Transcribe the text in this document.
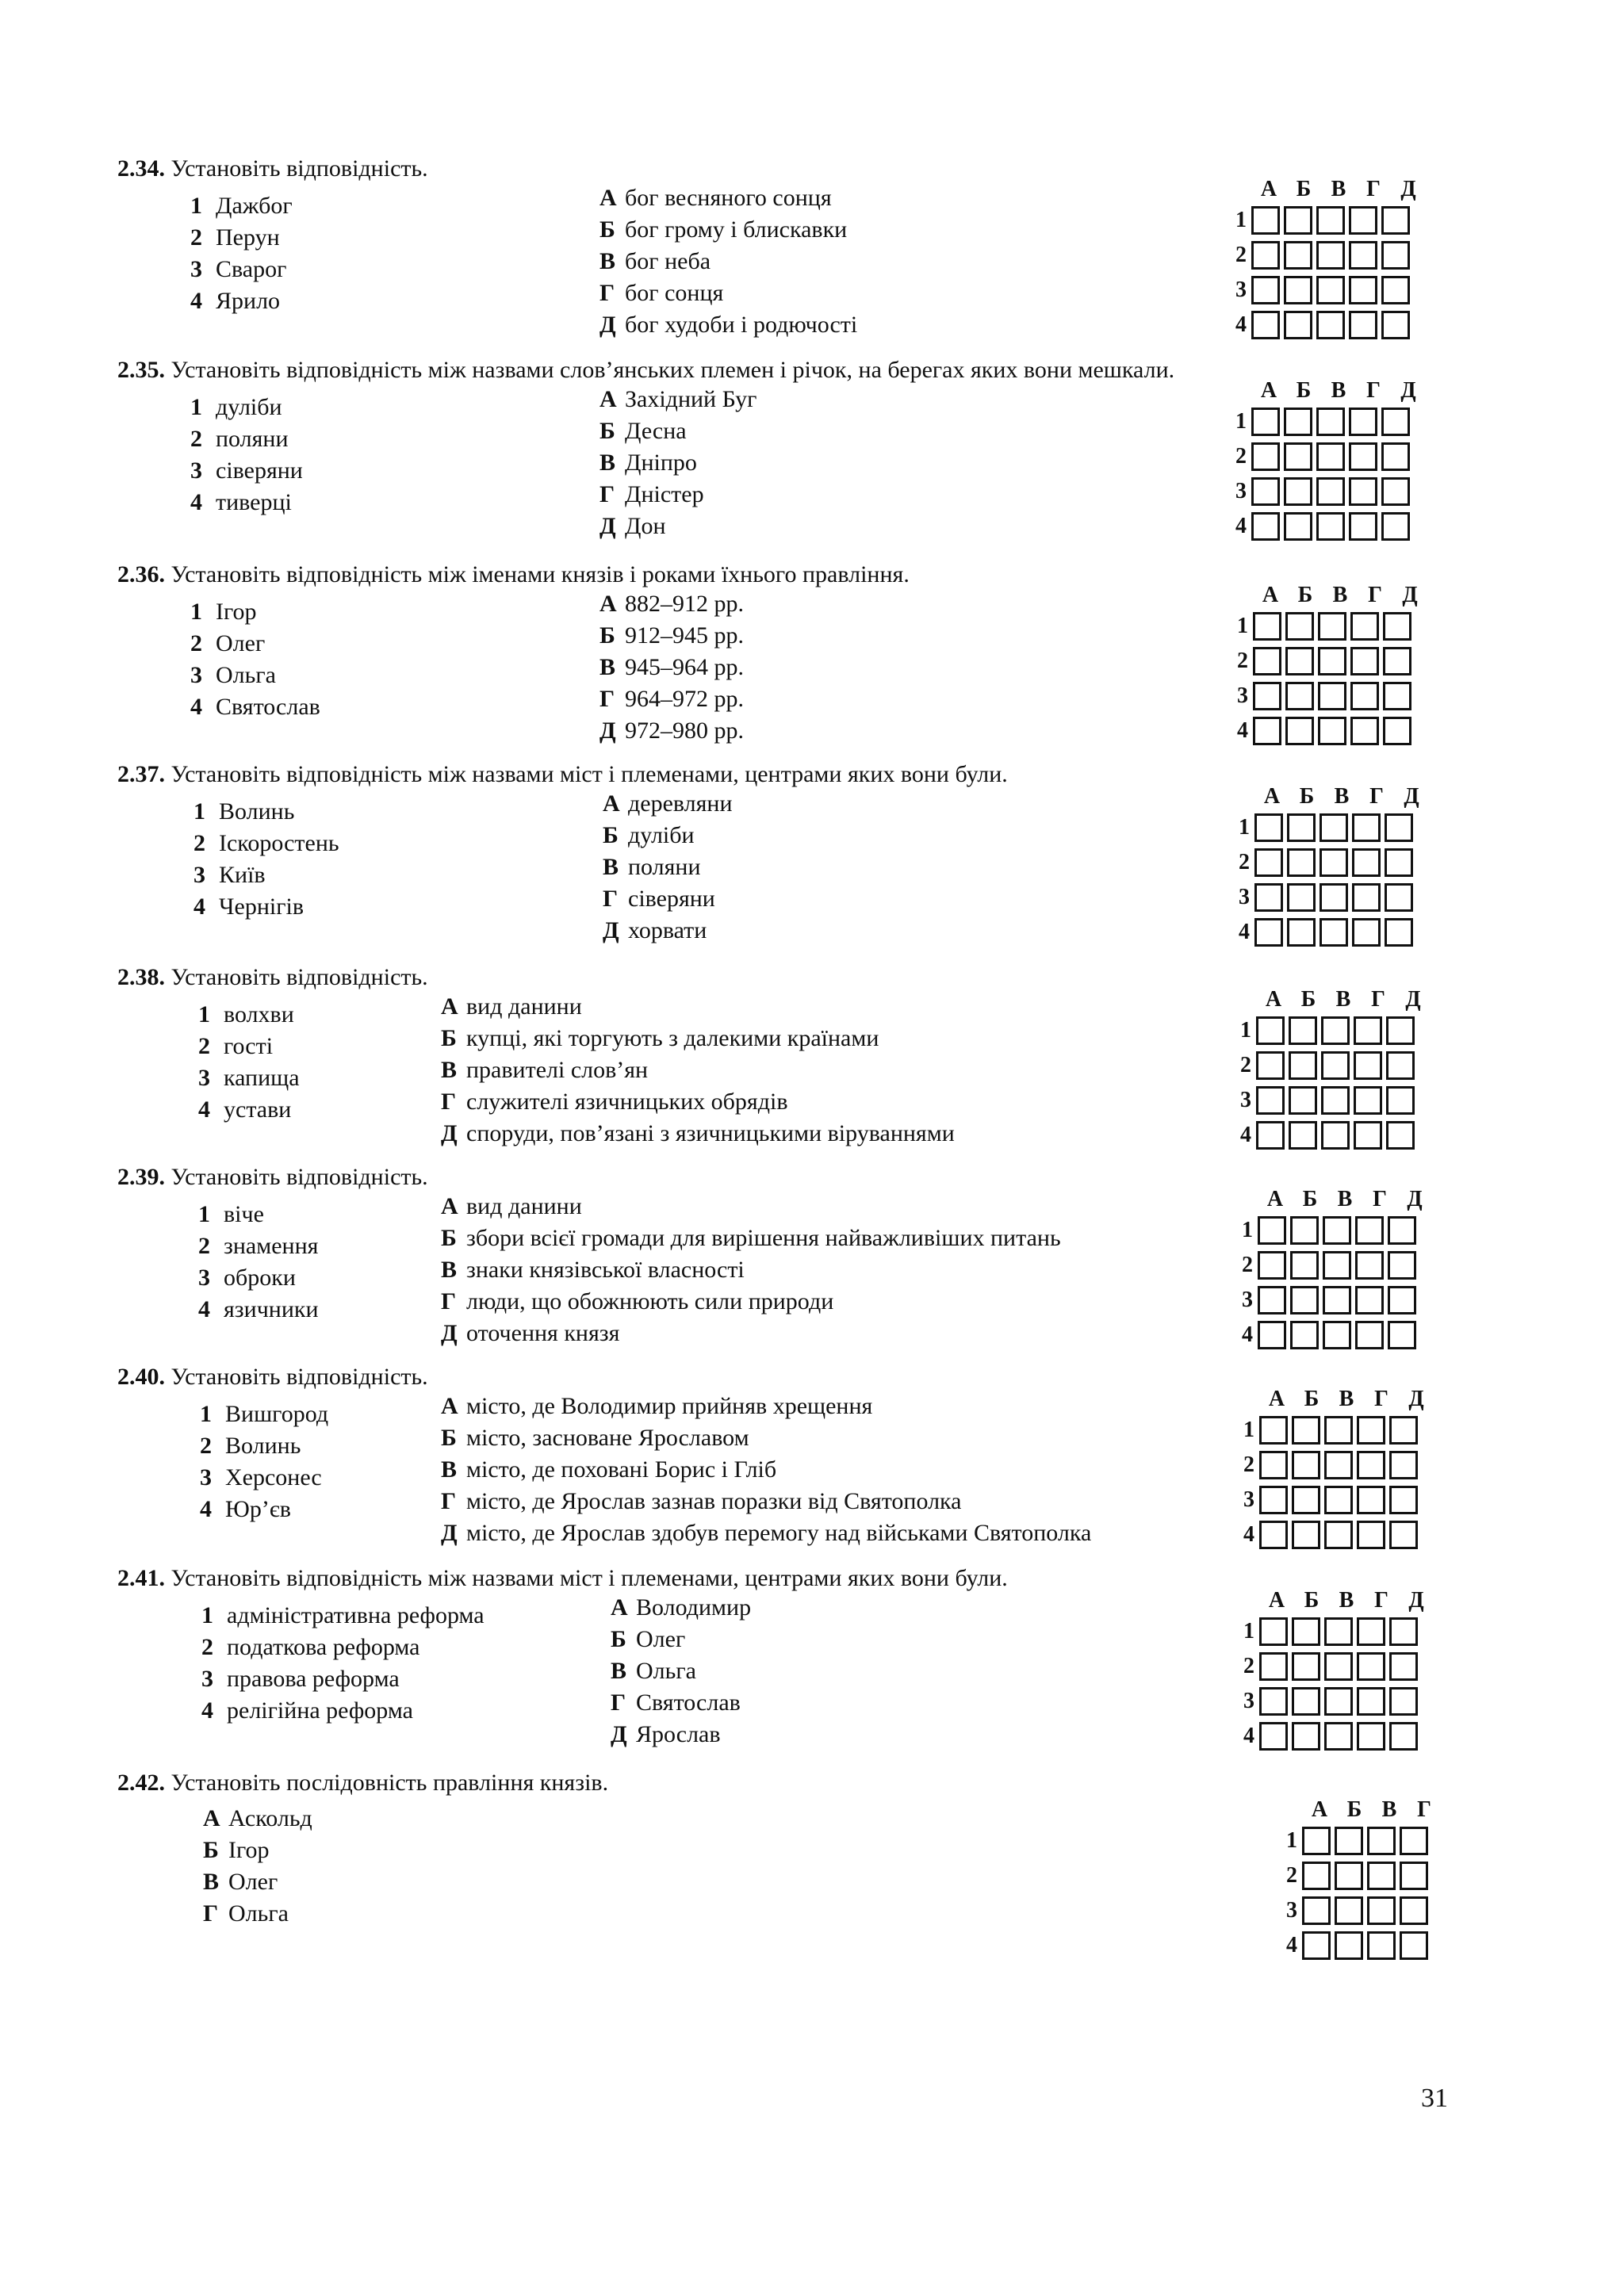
2.34. Установіть відповідність.
1 Дажбог
2 Перун
3 Сварог
4 Ярило
А бог весняного сонця
Б бог грому і блискавки
В бог неба
Г бог сонця
Д бог худоби і родючості
А Б В Г Д
1
2
3
4
2.35. Установіть відповідність між назвами слов’янських племен і річок, на берегах яких вони мешкали.
1 дуліби
2 поляни
3 сіверяни
4 тиверці
А Західний Буг
Б Десна
В Дніпро
Г Дністер
Д Дон
А Б В Г Д
1
2
3
4
2.36. Установіть відповідність між іменами князів і роками їхнього правління.
1 Ігор
2 Олег
3 Ольга
4 Святослав
А 882–912 рр.
Б 912–945 рр.
В 945–964 рр.
Г 964–972 рр.
Д 972–980 рр.
А Б В Г Д
1
2
3
4
2.37. Установіть відповідність між назвами міст і племенами, центрами яких вони були.
1 Волинь
2 Іскоростень
3 Київ
4 Чернігів
А деревляни
Б дуліби
В поляни
Г сіверяни
Д хорвати
А Б В Г Д
1
2
3
4
2.38. Установіть відповідність.
1 волхви
2 гості
3 капища
4 устави
А вид данини
Б купці, які торгують з далекими країнами
В правителі слов’ян
Г служителі язичницьких обрядів
Д споруди, пов’язані з язичницькими віруваннями
А Б В Г Д
1
2
3
4
2.39. Установіть відповідність.
1 віче
2 знамення
3 оброки
4 язичники
А вид данини
Б збори всієї громади для вирішення найважливіших питань
В знаки князівської власності
Г люди, що обожнюють сили природи
Д оточення князя
А Б В Г Д
1
2
3
4
2.40. Установіть відповідність.
1 Вишгород
2 Волинь
3 Херсонес
4 Юр’єв
А місто, де Володимир прийняв хрещення
Б місто, засноване Ярославом
В місто, де поховані Борис і Гліб
Г місто, де Ярослав зазнав поразки від Святополка
Д місто, де Ярослав здобув перемогу над військами Святополка
А Б В Г Д
1
2
3
4
2.41. Установіть відповідність між назвами міст і племенами, центрами яких вони були.
1 адміністративна реформа
2 податкова реформа
3 правова реформа
4 релігійна реформа
А Володимир
Б Олег
В Ольга
Г Святослав
Д Ярослав
А Б В Г Д
1
2
3
4
2.42. Установіть послідовність правління князів.
А Аскольд
Б Ігор
В Олег
Г Ольга
А Б В Г
1
2
3
4
31
